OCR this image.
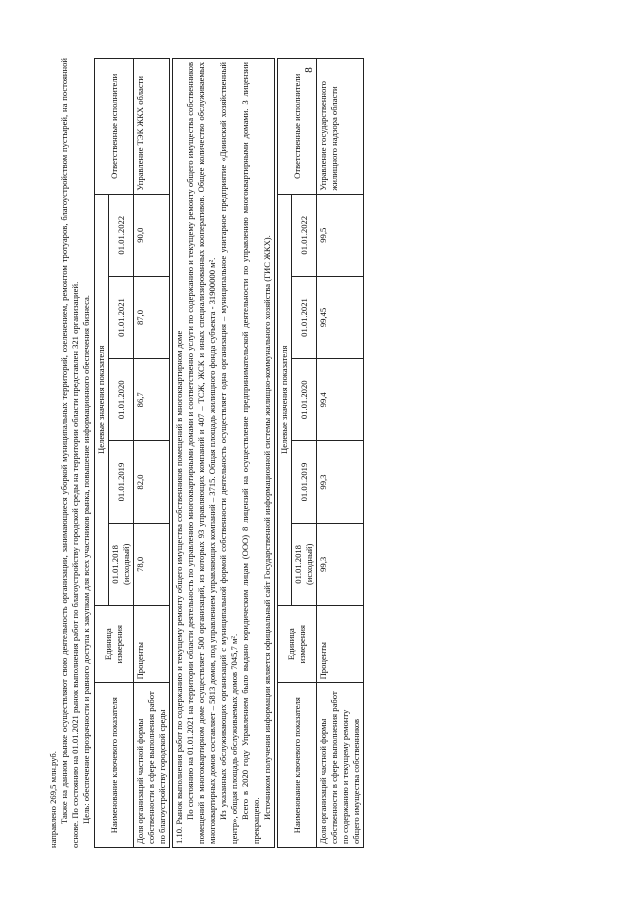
8

направлено 269,5 млн.руб. Также на данном рынке осуществляют свою деятельность организации, занимающиеся уборкой муниципальных территорий, озеленением, ремонтом тротуаров, благоустройством пустырей, на постоянной основе. По состоянию на 01.01.2021 рынок выполнения работ по благоустройству городской среды на территории области представлен 321 организацией. Цель: обеспечение прозрачности и равного доступа к закупкам для всех участников рынка, повышение информационного обеспечения бизнеса. Наименование ключевого показателя	Единица измерения	Целевые значения показателя					Ответственные исполнители
		01.01.2018 (исходный)	01.01.2019	01.01.2020	01.01.2021	01.01.2022	
Доля организаций частной формы собственности в сфере выполнения работ по благоустройству городской среды	Проценты	78,0	82,0	86,7	87,0	90,0	Управление ТЭК ЖКХ области

1.10. Рынок выполнения работ по содержанию и текущему ремонту общего имущества собственников помещений в многоквартирном доме По состоянию на 01.01.2021 на территории области деятельность по управлению многоквартирными домами и соответственно услуги по содержанию и текущему ремонту общего имущества собственников помещений в многоквартирном доме осуществляет 500 организаций, из которых 93 управляющих компаний и 407 – ТСЖ, ЖСК и иных специализированных кооперативов. Общее количество обслуживаемых многоквартирных домов составляет – 5813 домов, под управлением управляющих компаний – 3715. Общая площадь жилищного фонда субъекта - 31900000 м². Из указанных обслуживающих организаций с муниципальной формой собственности деятельность осуществляет одна организация – муниципальное унитарное предприятие «Диинский хозяйственный центр», общая площадь обслуживаемых домов 7045,7 м². Всего в 2020 году Управлением было выдано юридическим лицам (ООО) 8 лицензий на осуществление предпринимательской деятельности по управлению многоквартирными домами. 3 лицензии прекращено.

Источником получения информации является официальный сайт Государственной информационной системы жилищно-коммунального хозяйства (ГИС ЖКХ). Наименование ключевого показателя	Единица измерения	Целевые значения показателя					Ответственные исполнители
		01.01.2018 (исходный)	01.01.2019	01.01.2020	01.01.2021	01.01.2022	
Доля организаций частной формы собственности в сфере выполнения работ по содержанию и текущему ремонту общего имущества собственников	Проценты	99,3	99,3	99,4	99,45	99,5	Управление государственного жилищного надзора области
